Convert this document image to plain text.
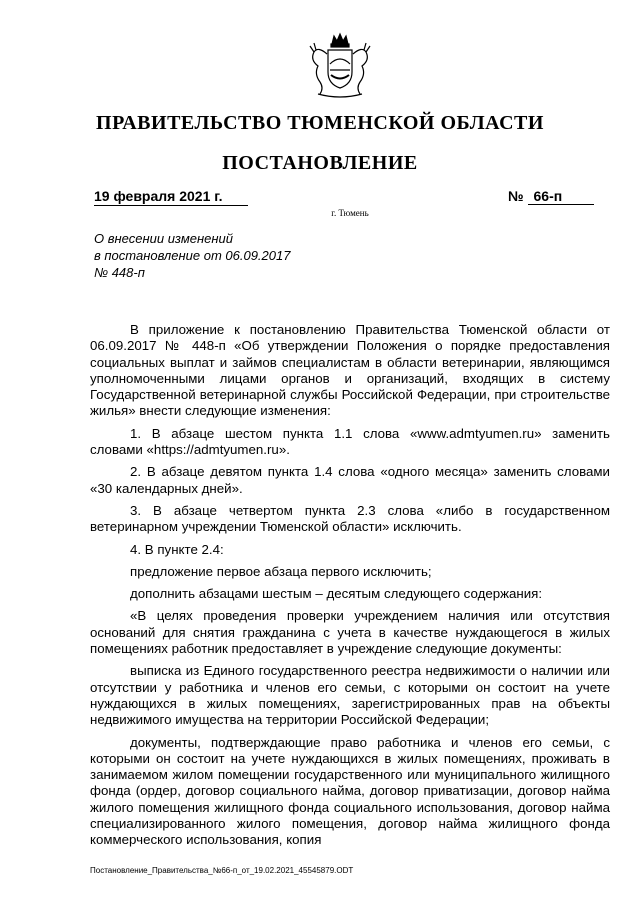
ПРАВИТЕЛЬСТВО ТЮМЕНСКОЙ ОБЛАСТИ
ПОСТАНОВЛЕНИЕ
19 февраля 2021 г.	№ 66-п
г. Тюмень
О внесении изменений
в постановление от 06.09.2017
№ 448-п

В приложение к постановлению Правительства Тюменской области от 06.09.2017 № 448-п «Об утверждении Положения о порядке предоставления социальных выплат и займов специалистам в области ветеринарии, являющимся уполномоченными лицами органов и организаций, входящих в систему Государственной ветеринарной службы Российской Федерации, при строительстве жилья» внести следующие изменения:

1. В абзаце шестом пункта 1.1 слова «www.admtyumen.ru» заменить словами «https://admtyumen.ru».

2. В абзаце девятом пункта 1.4 слова «одного месяца» заменить словами «30 календарных дней».

3. В абзаце четвертом пункта 2.3 слова «либо в государственном ветеринарном учреждении Тюменской области» исключить.

4. В пункте 2.4:

предложение первое абзаца первого исключить;

дополнить абзацами шестым – десятым следующего содержания:

«В целях проведения проверки учреждением наличия или отсутствия оснований для снятия гражданина с учета в качестве нуждающегося в жилых помещениях работник предоставляет в учреждение следующие документы:

выписка из Единого государственного реестра недвижимости о наличии или отсутствии у работника и членов его семьи, с которыми он состоит на учете нуждающихся в жилых помещениях, зарегистрированных прав на объекты недвижимого имущества на территории Российской Федерации;

документы, подтверждающие право работника и членов его семьи, с которыми он состоит на учете нуждающихся в жилых помещениях, проживать в занимаемом жилом помещении государственного или муниципального жилищного фонда (ордер, договор социального найма, договор приватизации, договор найма жилого помещения жилищного фонда социального использования, договор найма специализированного жилого помещения, договор найма жилищного фонда коммерческого использования, копия

Постановление_Правительства_№66-п_от_19.02.2021_45545879.ODT
